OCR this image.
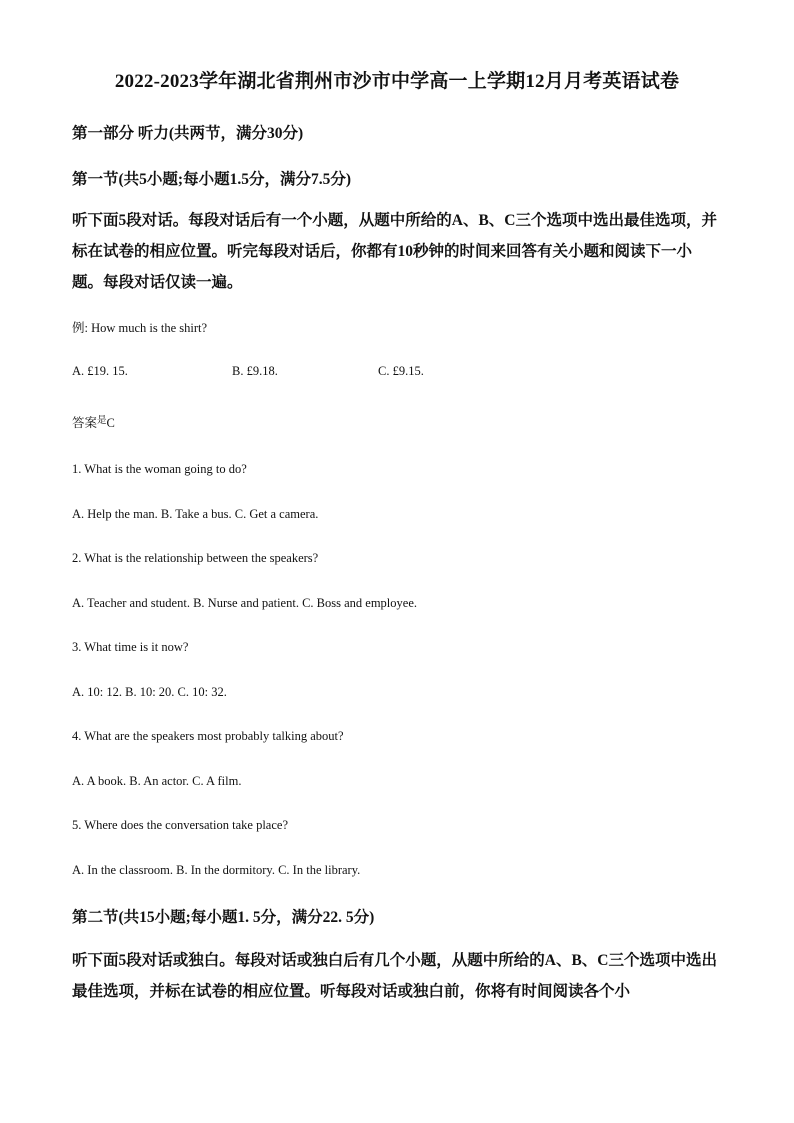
2022-2023学年湖北省荆州市沙市中学高一上学期12月月考英语试卷
第一部分 听力(共两节，满分30分)
第一节(共5小题;每小题1.5分，满分7.5分)
听下面5段对话。每段对话后有一个小题，从题中所给的A、B、C三个选项中选出最佳选项，并标在试卷的相应位置。听完每段对话后，你都有10秒钟的时间来回答有关小题和阅读下一小题。每段对话仅读一遍。
例: How much is the shirt?
A. £19. 15.	B. £9.18.	C. £9.15.
答案$^是$C
1. What is the woman going to do?
A. Help the man. B. Take a bus. C. Get a camera.
2. What is the relationship between the speakers?
A. Teacher and student. B. Nurse and patient. C. Boss and employee.
3. What time is it now?
A. 10: 12. B. 10: 20. C. 10: 32.
4. What are the speakers most probably talking about?
A. A book. B. An actor. C. A film.
5. Where does the conversation take place?
A. In the classroom. B. In the dormitory. C. In the library.
第二节(共15小题;每小题1. 5分，满分22. 5分)
听下面5段对话或独白。每段对话或独白后有几个小题，从题中所给的A、B、C三个选项中选出最佳选项，并标在试卷的相应位置。听每段对话或独白前，你将有时间阅读各个小
